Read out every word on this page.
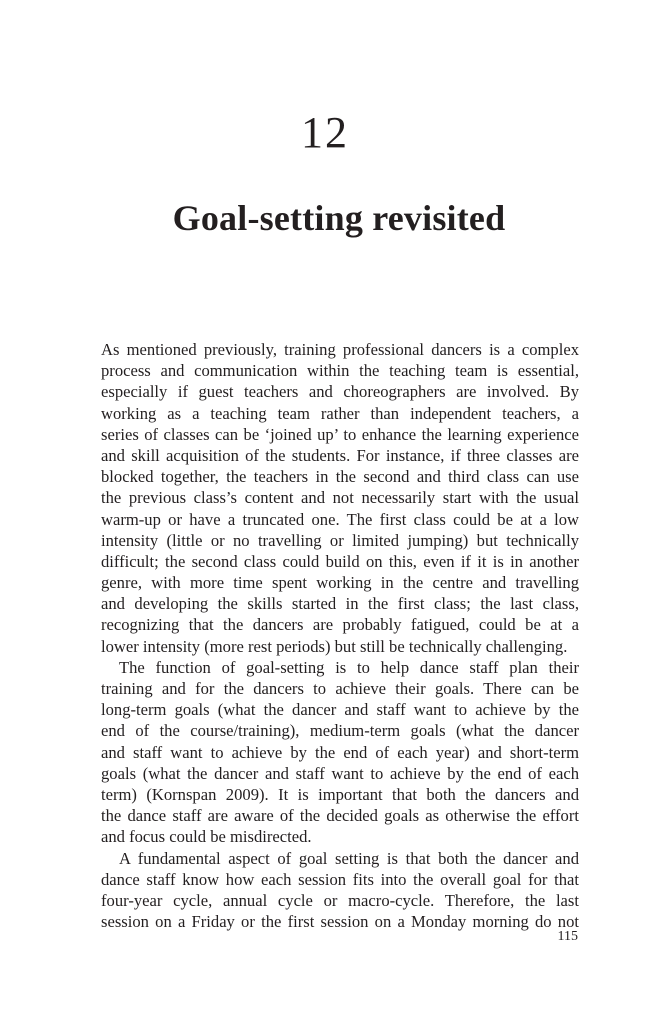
12
Goal-setting revisited
As mentioned previously, training professional dancers is a complex
process and communication within the teaching team is essential,
especially if guest teachers and choreographers are involved. By
working as a teaching team rather than independent teachers, a
series of classes can be ‘joined up’ to enhance the learning experience
and skill acquisition of the students. For instance, if three classes are
blocked together, the teachers in the second and third class can use
the previous class’s content and not necessarily start with the usual
warm-up or have a truncated one. The first class could be at a low
intensity (little or no travelling or limited jumping) but technically
difficult; the second class could build on this, even if it is in another
genre, with more time spent working in the centre and travelling
and developing the skills started in the first class; the last class,
recognizing that the dancers are probably fatigued, could be at a
lower intensity (more rest periods) but still be technically challenging.
The function of goal-setting is to help dance staff plan their
training and for the dancers to achieve their goals. There can be
long-term goals (what the dancer and staff want to achieve by the
end of the course/training), medium-term goals (what the dancer
and staff want to achieve by the end of each year) and short-term
goals (what the dancer and staff want to achieve by the end of each
term) (Kornspan 2009). It is important that both the dancers and
the dance staff are aware of the decided goals as otherwise the effort
and focus could be misdirected.
A fundamental aspect of goal setting is that both the dancer and
dance staff know how each session fits into the overall goal for that
four-year cycle, annual cycle or macro-cycle. Therefore, the last
session on a Friday or the first session on a Monday morning do not
115
